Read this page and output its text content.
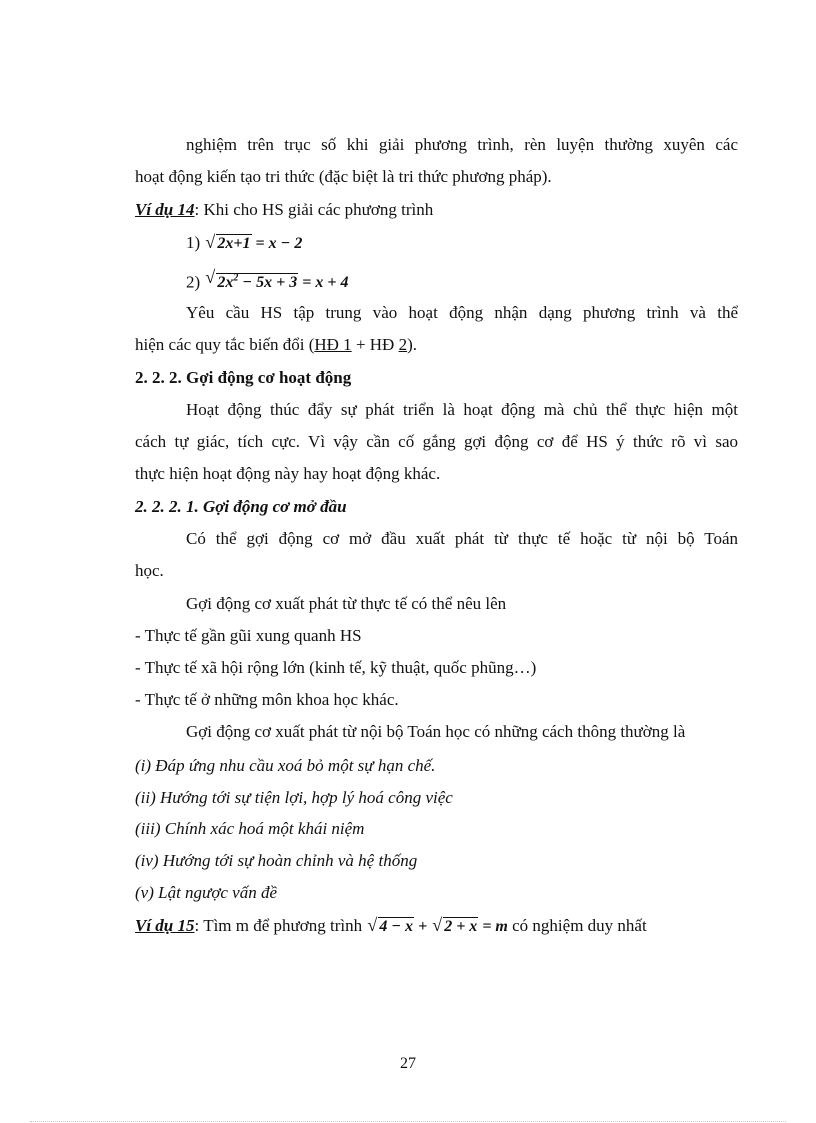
nghiệm trên trục số khi giải phương trình, rèn luyện thường xuyên các
hoạt động kiến tạo tri thức (đặc biệt là tri thức phương pháp).
Ví dụ 14: Khi cho HS giải các phương trình
1) √ 2x+1 = x − 2
2) √ $2x^2 - 5x + 3 = x + 4$
Yêu cầu HS tập trung vào hoạt động nhận dạng phương trình và thể
hiện các quy tắc biến đổi (HĐ 1 + HĐ 2).
2. 2. 2. Gợi động cơ hoạt động
Hoạt động thúc đẩy sự phát triển là hoạt động mà chủ thể thực hiện một
cách tự giác, tích cực. Vì vậy cần cố gắng gợi động cơ để HS ý thức rõ vì sao
thực hiện hoạt động này hay hoạt động khác.
2. 2. 2. 1. Gợi động cơ mở đầu
Có thể gợi động cơ mở đầu xuất phát từ thực tế hoặc từ nội bộ Toán
học.
Gợi động cơ xuất phát từ thực tế có thể nêu lên
- Thực tế gần gũi xung quanh HS
- Thực tế xã hội rộng lớn (kinh tế, kỹ thuật, quốc phũng…)
- Thực tế ở những môn khoa học khác.
Gợi động cơ xuất phát từ nội bộ Toán học có những cách thông thường là
(i) Đáp ứng nhu cầu xoá bỏ một sự hạn chế.
(ii) Hướng tới sự tiện lợi, hợp lý hoá công việc
(iii) Chính xác hoá một khái niệm
(iv) Hướng tới sự hoàn chỉnh và hệ thống
(v) Lật ngược vấn đề
Ví dụ 15: Tìm m để phương trình √ 4 − x + √ 2 + x = m có nghiệm duy nhất
27
